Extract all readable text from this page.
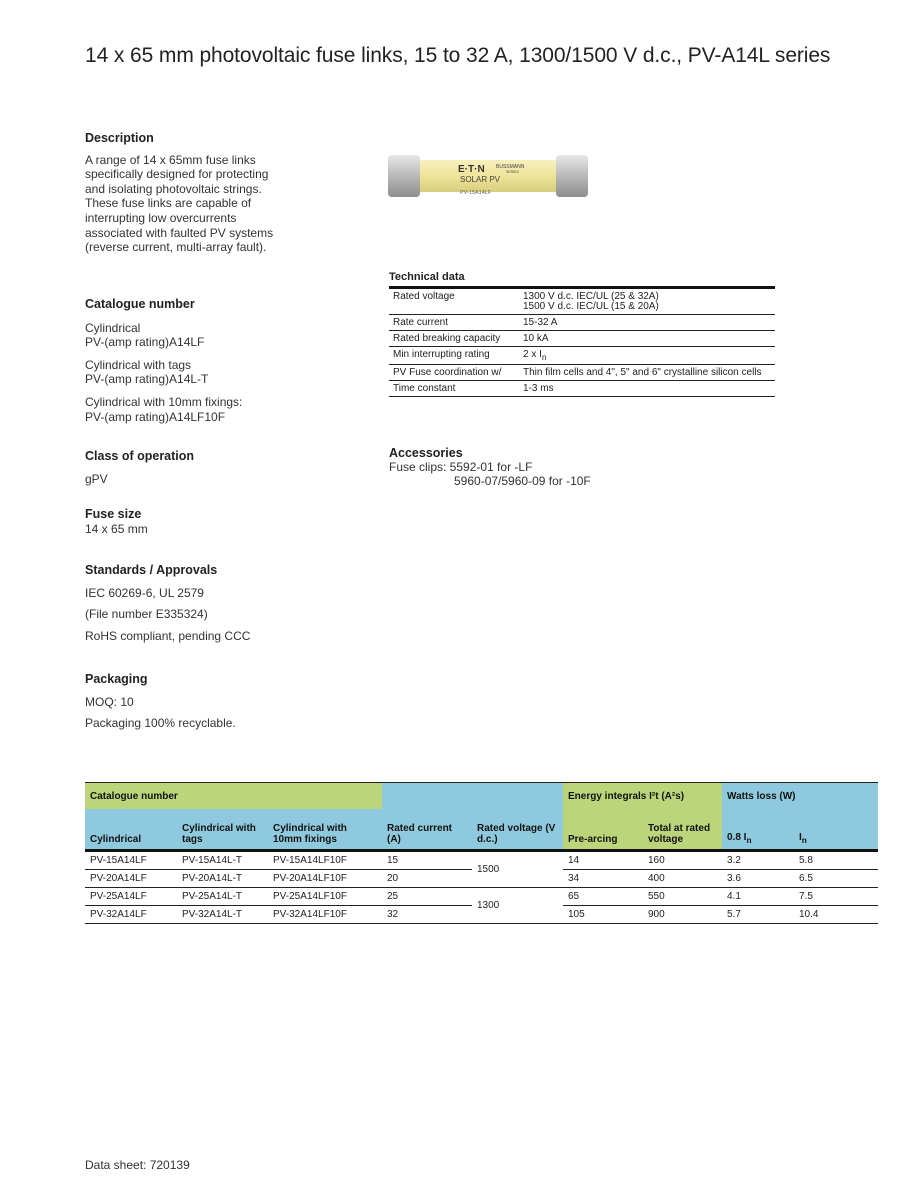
14 x 65 mm photovoltaic fuse links, 15 to 32 A, 1300/1500 V d.c., PV-A14L series
Description

A range of 14 x 65mm fuse links specifically designed for protecting and isolating photovoltaic strings. These fuse links are capable of interrupting low overcurrents associated with faulted PV systems (reverse current, multi-array fault).

Catalogue number

Cylindrical

PV-(amp rating)A14LF

Cylindrical with tags

PV-(amp rating)A14L-T

Cylindrical with 10mm fixings:

PV-(amp rating)A14LF10F

Class of operation

gPV

Fuse size

14 x 65 mm

Standards / Approvals

IEC 60269-6, UL 2579

(File number E335324)

RoHS compliant, pending CCC

Packaging

MOQ: 10

Packaging 100% recyclable.

E·T·N BUSSMANN
SERIES
SOLAR PV
PV-15A14LF
Technical data
Rated voltage	1300 V d.c. IEC/UL (25 & 32A)
1500 V d.c. IEC/UL (15 & 20A)

Rate current	15-32 A
Rated breaking capacity	10 kA
Min interrupting rating	2 x $I_n$
PV Fuse coordination w/	Thin film cells and 4", 5" and 6" crystalline silicon cells
Time constant	1-3 ms
Accessories
Fuse clips: 5592-01 for -LF
5960-07/5960-09 for -10F
Catalogue number					Energy integrals I²t (A²s)		Watts loss (W)	
Cylindrical	Cylindrical with tags	Cylindrical with 10mm fixings	Rated current (A)	Rated voltage (V d.c.)	Pre-arcing	Total at rated voltage	0.8 $I_n$	$I_n$
PV-15A14LF	PV-15A14L-T	PV-15A14LF10F	15	1500	14	160	3.2	5.8
PV-20A14LF	PV-20A14L-T	PV-20A14LF10F	20		34	400	3.6	6.5
PV-25A14LF	PV-25A14L-T	PV-25A14LF10F	25	1300	65	550	4.1	7.5
PV-32A14LF	PV-32A14L-T	PV-32A14LF10F	32		105	900	5.7	10.4
Data sheet: 720139
